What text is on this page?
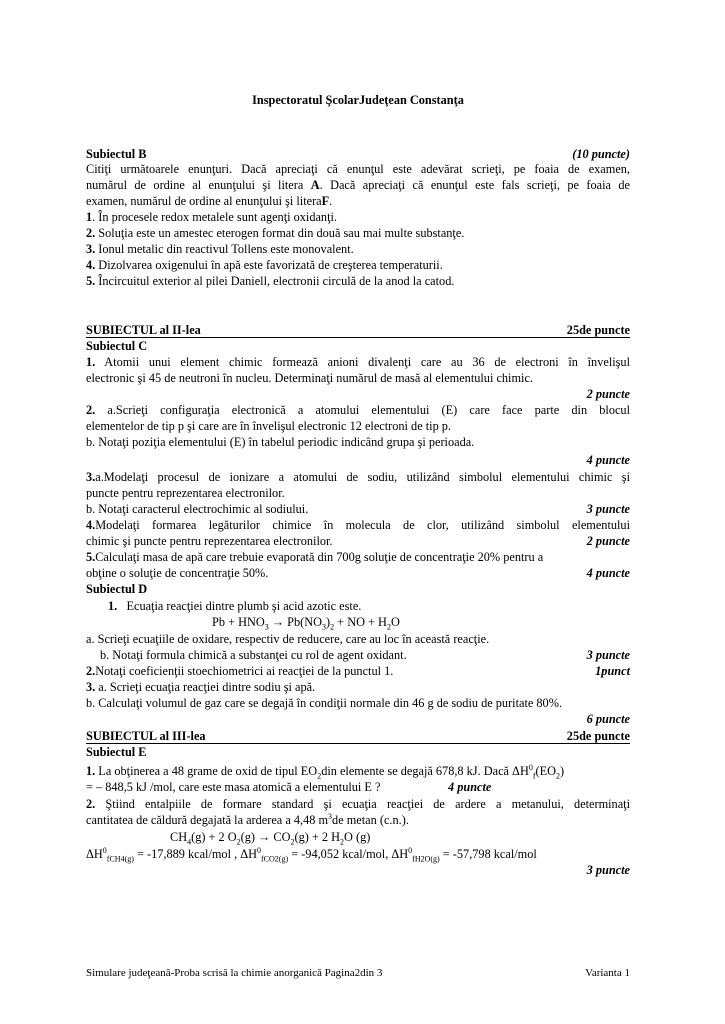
Inspectoratul ŞcolarJudeţean Constanţa
Subiectul B	(10 puncte)
Citiţi următoarele enunţuri. Dacă apreciaţi că enunţul este adevărat scrieţi, pe foaia de examen,
numărul de ordine al enunţului şi litera A. Dacă apreciaţi că enunţul este fals scrieţi, pe foaia de
examen, numărul de ordine al enunţului şi literaF.
1. În procesele redox metalele sunt agenţi oxidanţi.
2. Soluţia este un amestec eterogen format din două sau mai multe substanţe.
3. Ionul metalic din reactivul Tollens este monovalent.
4. Dizolvarea oxigenului în apă este favorizată de creşterea temperaturii.
5. Încircuitul exterior al pilei Daniell, electronii circulă de la anod la catod.
SUBIECTUL al II-lea	25de puncte
Subiectul C
1. Atomii unui element chimic formează anioni divalenţi care au 36 de electroni în învelişul
electronic şi 45 de neutroni în nucleu. Determinaţi numărul de masă al elementului chimic.
2 puncte
2. a.Scrieţi configuraţia electronică a atomului elementului (E) care face parte din blocul
elementelor de tip p şi care are în învelişul electronic 12 electroni de tip p.
b. Notaţi poziţia elementului (E) în tabelul periodic indicând grupa şi perioada.
4 puncte
3.a.Modelaţi procesul de ionizare a atomului de sodiu, utilizând simbolul elementului chimic şi
puncte pentru reprezentarea electronilor.
b. Notaţi caracterul electrochimic al sodiului.	3 puncte
4.Modelaţi formarea legăturilor chimice în molecula de clor, utilizând simbolul elementului
chimic şi puncte pentru reprezentarea electronilor.	2 puncte
5.Calculaţi masa de apă care trebuie evaporată din 700g soluţie de concentraţie 20% pentru a
obţine o soluţie de concentraţie 50%.	4 puncte
Subiectul D
1. Ecuaţia reacţiei dintre plumb şi acid azotic este.
$Pb + HNO_3 \to Pb(NO_3)_2$ + NO + $H_2O$
a. Scrieţi ecuaţiile de oxidare, respectiv de reducere, care au loc în această reacţie.
b. Notaţi formula chimică a substanţei cu rol de agent oxidant.	3 puncte
2.Notaţi coeficienţii stoechiometrici ai reacţiei de la punctul 1.	1punct
3. a. Scrieţi ecuaţia reacţiei dintre sodiu şi apă.
b. Calculaţi volumul de gaz care se degajă în condiţii normale din 46 g de sodiu de puritate 80%.
6 puncte
SUBIECTUL al III-lea	25de puncte
Subiectul E
1. La obţinerea a 48 grame de oxid de tipul $EO_2din$ elemente se degajă 678,8 kJ. Dacă $\Delta H^0_f(EO_2)$
= – 848,5 kJ /mol, care este masa atomică a elementului E ?	4 puncte
2. Ştiind entalpiile de formare standard şi ecuaţia reacţiei de ardere a metanului, determinaţi
cantitatea de căldură degajată la arderea a 4,48 $m^3de$ metan (c.n.).
$CH_4(g) + 2$ $O_2(g) \to CO_2(g) + 2$ $H_2O$ (g)
$\Delta H^0_{fCH4(g)} = -17,889$ kcal/mol , $\Delta H^0_{fCO2(g)} = -94,052$ kcal/mol, $\Delta H^0_{fH2O(g)} = -57,798$ kcal/mol
3 puncte
Simulare judeţeană-Proba scrisă la chimie anorganică Pagina2din 3	Varianta 1
